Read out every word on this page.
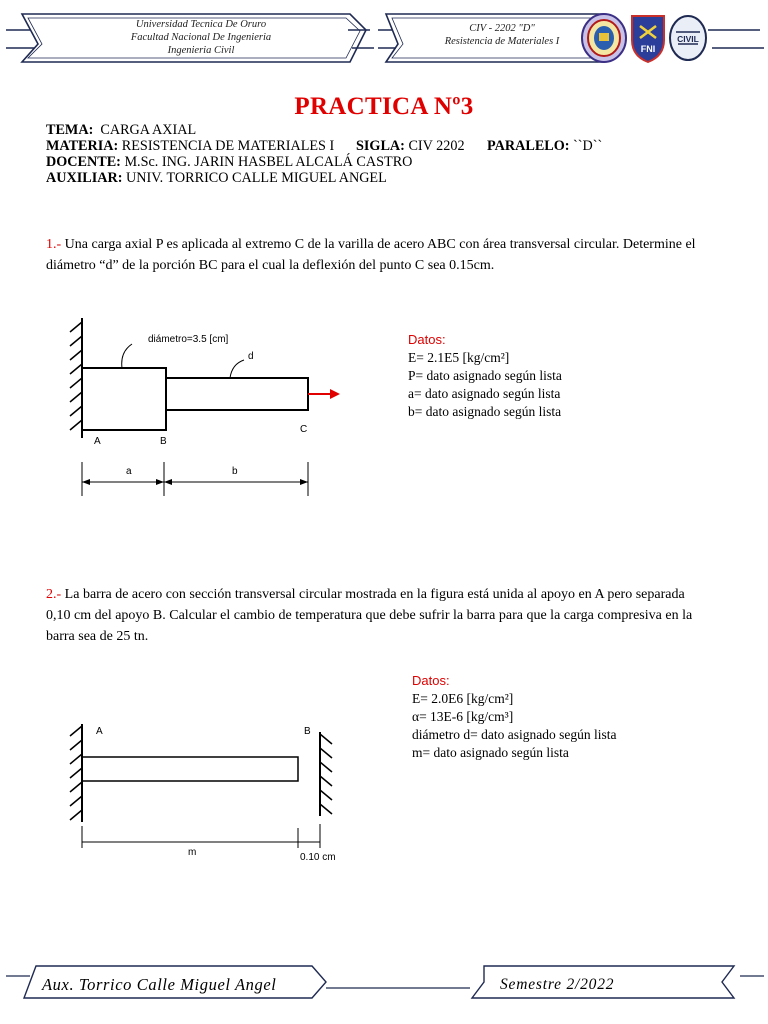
Universidad Tecnica De Oruro
Facultad Nacional De Ingenieria
Ingenieria Civil
CIV - 2202 "D"
Resistencia de Materiales I
FNI
CIVIL
PRACTICA Nº3
TEMA: CARGA AXIAL
MATERIA: RESISTENCIA DE MATERIALES I SIGLA: CIV 2202 PARALELO: ``D``
DOCENTE: M.Sc. ING. JARIN HASBEL ALCALÁ CASTRO
AUXILIAR: UNIV. TORRICO CALLE MIGUEL ANGEL
1.- Una carga axial P es aplicada al extremo C de la varilla de acero ABC con área transversal circular. Determine el diámetro “d” de la porción BC para el cual la deflexión del punto C sea 0.15cm.
diámetro=3.5 [cm]
d
A	B
C
a	b
Datos:
E= 2.1E5 [kg/cm²]
P= dato asignado según lista
a= dato asignado según lista
b= dato asignado según lista
2.- La barra de acero con sección transversal circular mostrada en la figura está unida al apoyo en A pero separada 0,10 cm del apoyo B. Calcular el cambio de temperatura que debe sufrir la barra para que la carga compresiva en la barra sea de 25 tn.
A	B
m	0.10 cm
Datos:
E= 2.0E6 [kg/cm²]
α= 13E-6 [kg/cm³]
diámetro d= dato asignado según lista
m= dato asignado según lista
Aux. Torrico Calle Miguel Angel	Semestre 2/2022
